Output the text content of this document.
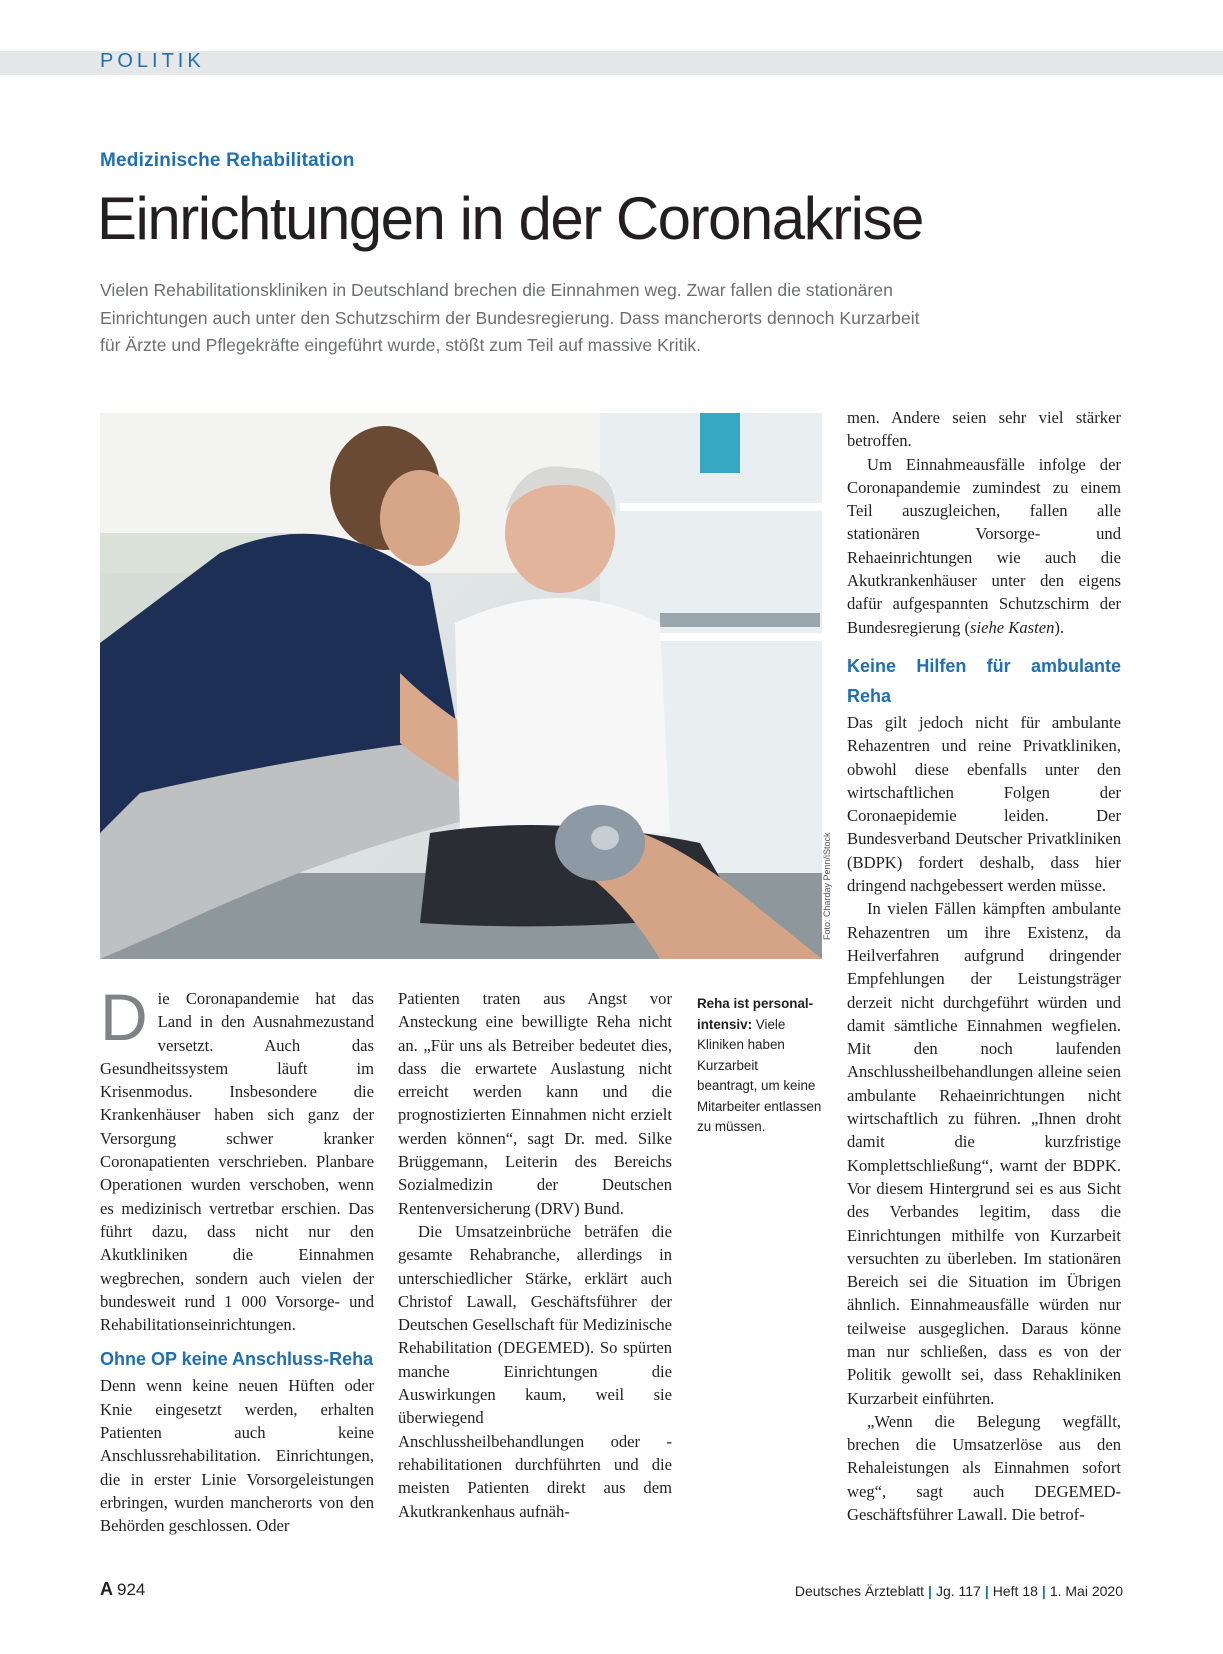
POLITIK
Medizinische Rehabilitation
Einrichtungen in der Coronakrise
Vielen Rehabilitationskliniken in Deutschland brechen die Einnahmen weg. Zwar fallen die stationären
Einrichtungen auch unter den Schutzschirm der Bundesregierung. Dass mancherorts dennoch Kurzarbeit
für Ärzte und Pflegekräfte eingeführt wurde, stößt zum Teil auf massive Kritik.
Foto: Charday Penn/iStock
Reha ist personal-intensiv: Viele Kliniken haben Kurzarbeit beantragt, um keine Mitarbeiter entlassen zu müssen.

Die Coronapandemie hat das Land in den Ausnahmezustand versetzt. Auch das Gesundheitssystem läuft im Krisenmodus. Insbesondere die Krankenhäuser haben sich ganz der Versorgung schwer kranker Coronapatienten verschrieben. Planbare Operationen wurden verschoben, wenn es medizinisch vertretbar erschien. Das führt dazu, dass nicht nur den Akutkliniken die Einnahmen wegbrechen, sondern auch vielen der bundesweit rund 1 000 Vorsorge- und Rehabilitationseinrichtungen.

Ohne OP keine Anschluss-Reha

Denn wenn keine neuen Hüften oder Knie eingesetzt werden, erhalten Patienten auch keine Anschlussrehabilitation. Einrichtungen, die in erster Linie Vorsorgeleistungen erbringen, wurden mancherorts von den Behörden geschlossen. Oder

Patienten traten aus Angst vor Ansteckung eine bewilligte Reha nicht an. „Für uns als Betreiber bedeutet dies, dass die erwartete Auslastung nicht erreicht werden kann und die prognostizierten Einnahmen nicht erzielt werden können“, sagt Dr. med. Silke Brüggemann, Leiterin des Bereichs Sozialmedizin der Deutschen Rentenversicherung (DRV) Bund.

Die Umsatzeinbrüche beträfen die gesamte Rehabranche, allerdings in unterschiedlicher Stärke, erklärt auch Christof Lawall, Geschäftsführer der Deutschen Gesellschaft für Medizinische Rehabilitation (DEGEMED). So spürten manche Einrichtungen die Auswirkungen kaum, weil sie überwiegend Anschlussheilbehandlungen oder -rehabilitationen durchführten und die meisten Patienten direkt aus dem Akutkrankenhaus aufnäh-

men. Andere seien sehr viel stärker betroffen.

Um Einnahmeausfälle infolge der Coronapandemie zumindest zu einem Teil auszugleichen, fallen alle stationären Vorsorge- und Rehaeinrichtungen wie auch die Akutkrankenhäuser unter den eigens dafür aufgespannten Schutzschirm der Bundesregierung (siehe Kasten).

Keine Hilfen für ambulante Reha

Das gilt jedoch nicht für ambulante Rehazentren und reine Privatkliniken, obwohl diese ebenfalls unter den wirtschaftlichen Folgen der Coronaepidemie leiden. Der Bundesverband Deutscher Privatkliniken (BDPK) fordert deshalb, dass hier dringend nachgebessert werden müsse.

In vielen Fällen kämpften ambulante Rehazentren um ihre Existenz, da Heilverfahren aufgrund dringender Empfehlungen der Leistungsträger derzeit nicht durchgeführt würden und damit sämtliche Einnahmen wegfielen. Mit den noch laufenden Anschlussheilbehandlungen alleine seien ambulante Rehaeinrichtungen nicht wirtschaftlich zu führen. „Ihnen droht damit die kurzfristige Komplettschließung“, warnt der BDPK. Vor diesem Hintergrund sei es aus Sicht des Verbandes legitim, dass die Einrichtungen mithilfe von Kurzarbeit versuchten zu überleben. Im stationären Bereich sei die Situation im Übrigen ähnlich. Einnahmeausfälle würden nur teilweise ausgeglichen. Daraus könne man nur schließen, dass es von der Politik gewollt sei, dass Rehakliniken Kurzarbeit einführten.

„Wenn die Belegung wegfällt, brechen die Umsatzerlöse aus den Rehaleistungen als Einnahmen sofort weg“, sagt auch DEGEMED-Geschäftsführer Lawall. Die betrof-

A 924	Deutsches Ärzteblatt | Jg. 117 | Heft 18 | 1. Mai 2020
